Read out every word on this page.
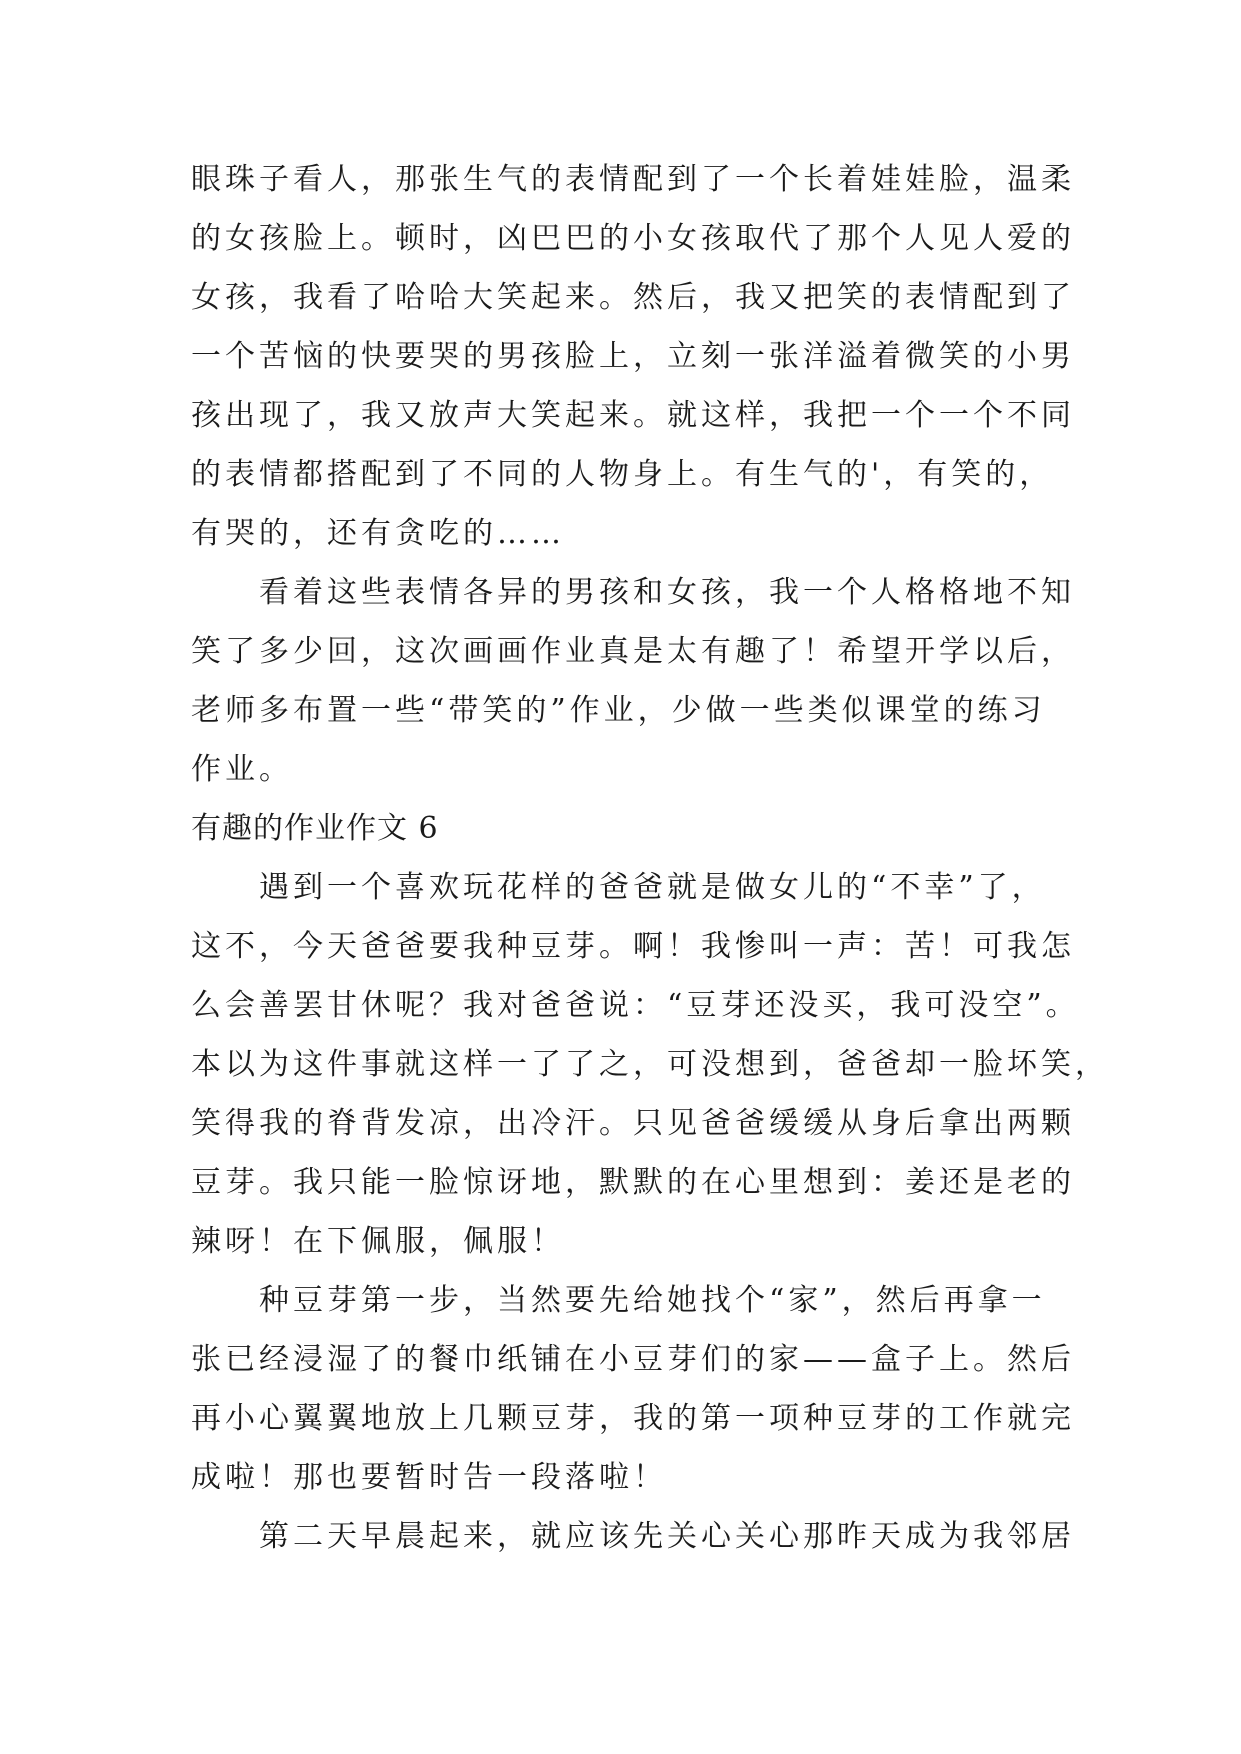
眼珠子看人，那张生气的表情配到了一个长着娃娃脸，温柔
的女孩脸上。顿时，凶巴巴的小女孩取代了那个人见人爱的
女孩，我看了哈哈大笑起来。然后，我又把笑的表情配到了
一个苦恼的快要哭的男孩脸上，立刻一张洋溢着微笑的小男
孩出现了，我又放声大笑起来。就这样，我把一个一个不同
的表情都搭配到了不同的人物身上。有生气的'，有笑的，
有哭的，还有贪吃的……
看着这些表情各异的男孩和女孩，我一个人格格地不知
笑了多少回，这次画画作业真是太有趣了！希望开学以后，
老师多布置一些“带笑的”作业，少做一些类似课堂的练习
作业。
有趣的作业作文 6
遇到一个喜欢玩花样的爸爸就是做女儿的“不幸”了，
这不，今天爸爸要我种豆芽。啊！我惨叫一声：苦！可我怎
么会善罢甘休呢？我对爸爸说：“豆芽还没买，我可没空”。
本以为这件事就这样一了了之，可没想到，爸爸却一脸坏笑，
笑得我的脊背发凉，出冷汗。只见爸爸缓缓从身后拿出两颗
豆芽。我只能一脸惊讶地，默默的在心里想到：姜还是老的
辣呀！在下佩服，佩服！
种豆芽第一步，当然要先给她找个“家”，然后再拿一
张已经浸湿了的餐巾纸铺在小豆芽们的家——盒子上。然后
再小心翼翼地放上几颗豆芽，我的第一项种豆芽的工作就完
成啦！那也要暂时告一段落啦！
第二天早晨起来，就应该先关心关心那昨天成为我邻居
